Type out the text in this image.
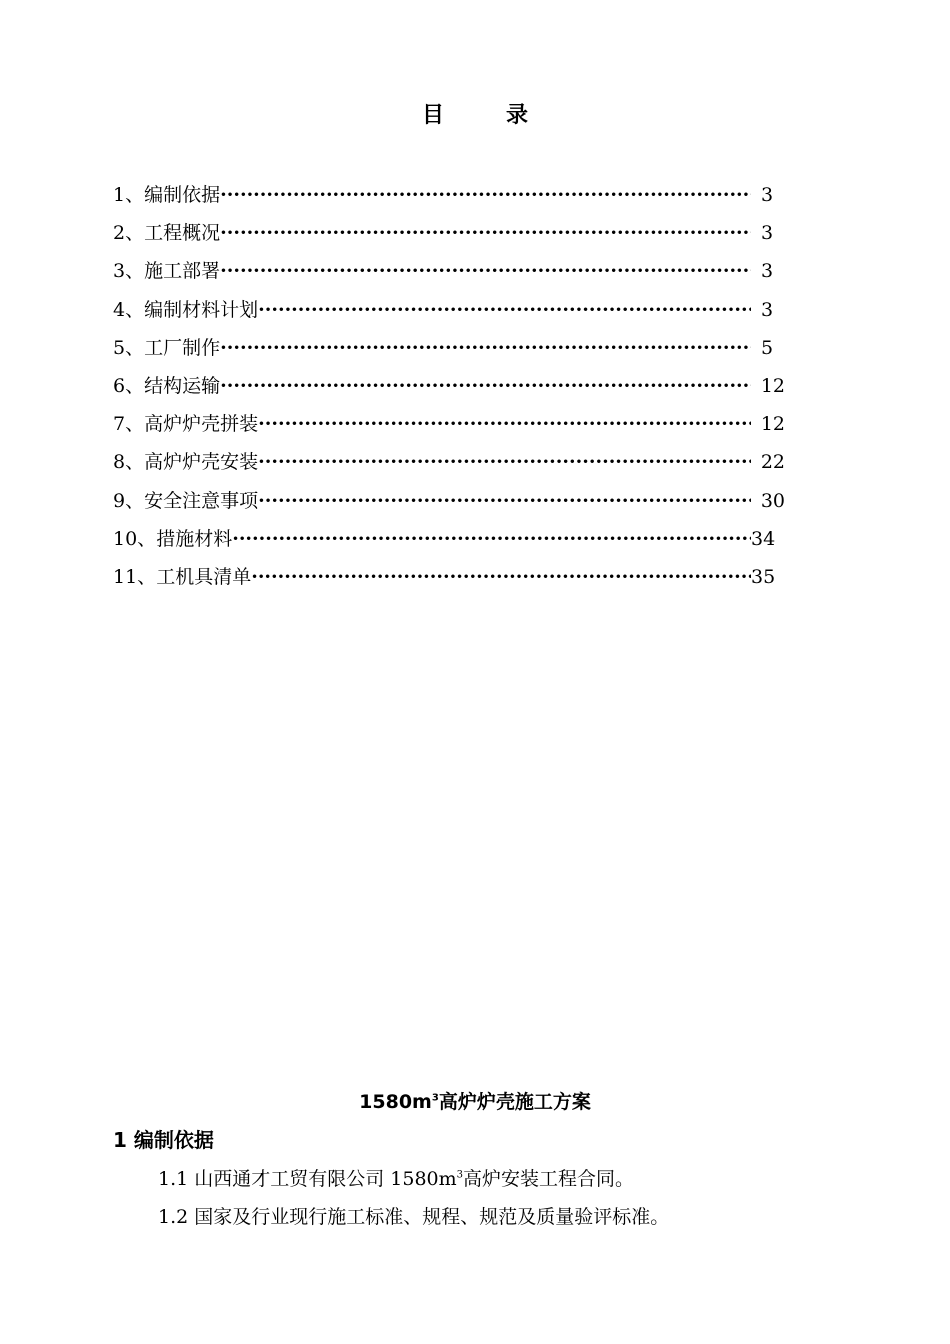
目	录
1、 编制依据 ·····	3
2、 工程概况 ·····	3
3、 施工部署 ·····	3
4、 编制材料计划 ·····	3
5、 工厂制作 ·····	5
6、 结构运输 ·····	12
7、 高炉炉壳拼装 ·····	12
8、 高炉炉壳安装 ·····	22
9、 安全注意事项 ·····	30
10、 措施材料 ·····	34
11、 工机具清单 ·····	35
$1580m^3$高炉炉壳施工方案
1 编制依据
1.1 山西通才工贸有限公司 $1580m^3$高炉安装工程合同。
1.2 国家及行业现行施工标准、规程、规范及质量验评标准。
